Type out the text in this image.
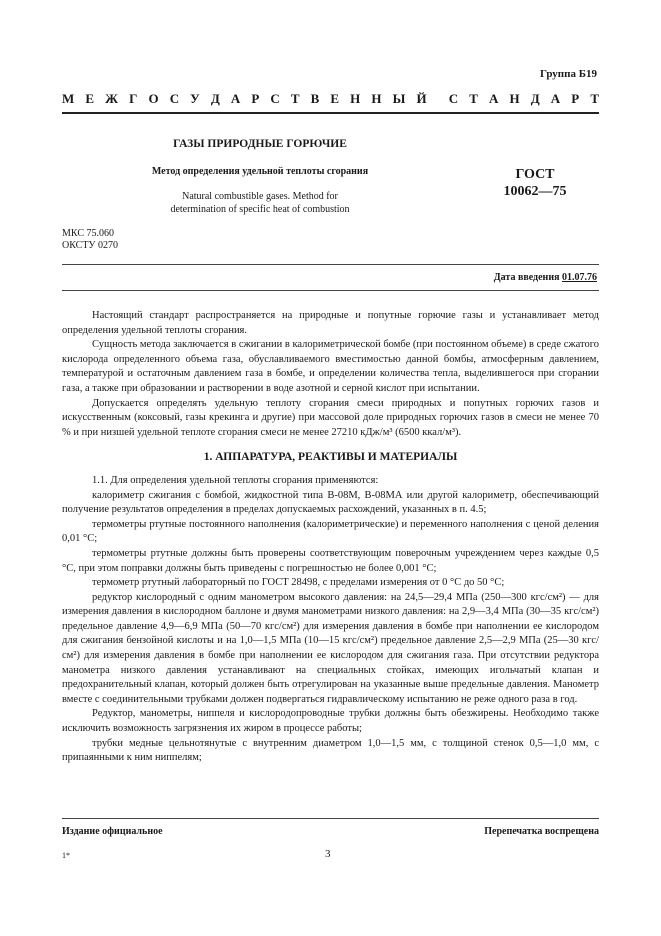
Группа Б19
М Е Ж Г О С У Д А Р С Т В Е Н Н Ы Й С Т А Н Д А Р Т
ГАЗЫ ПРИРОДНЫЕ ГОРЮЧИЕ
Метод определения удельной теплоты сгорания
Natural combustible gases. Method for
determination of specific heat of combustion
ГОСТ
10062—75
МКС 75.060
ОКСТУ 0270
Дата введения 01.07.76

Настоящий стандарт распространяется на природные и попутные горючие газы и устанавливает метод определения удельной теплоты сгорания.

Сущность метода заключается в сжигании в калориметрической бомбе (при постоянном объеме) в среде сжатого кислорода определенного объема газа, обуславливаемого вместимостью данной бомбы, атмосферным давлением, температурой и остаточным давлением газа в бомбе, и определении количества тепла, выделившегося при сгорании газа, а также при образовании и растворении в воде азотной и серной кислот при испытании.

Допускается определять удельную теплоту сгорания смеси природных и попутных горючих газов и искусственным (коксовый, газы крекинга и другие) при массовой доле природных горючих газов в смеси не менее 70 % и при низшей удельной теплоте сгорания смеси не менее 27210 кДж/м³ (6500 ккал/м³).

1. АППАРАТУРА, РЕАКТИВЫ И МАТЕРИАЛЫ

1.1. Для определения удельной теплоты сгорания применяются:

калориметр сжигания с бомбой, жидкостной типа В-08М, В-08МА или другой калориметр, обеспечивающий получение результатов определения в пределах допускаемых расхождений, указанных в п. 4.5;

термометры ртутные постоянного наполнения (калориметрические) и переменного наполнения с ценой деления 0,01 °С;

термометры ртутные должны быть проверены соответствующим поверочным учреждением через каждые 0,5 °С, при этом поправки должны быть приведены с погрешностью не более 0,001 °С;

термометр ртутный лабораторный по ГОСТ 28498, с пределами измерения от 0 °С до 50 °С;

редуктор кислородный с одним манометром высокого давления: на 24,5—29,4 МПа (250—300 кгс/см²) — для измерения давления в кислородном баллоне и двумя манометрами низкого давления: на 2,9—3,4 МПа (30—35 кгс/см²) предельное давление 4,9—6,9 МПа (50—70 кгс/см²) для измерения давления в бомбе при наполнении ее кислородом для сжигания бензойной кислоты и на 1,0—1,5 МПа (10—15 кгс/см²) предельное давление 2,5—2,9 МПа (25—30 кгс/см²) для измерения давления в бомбе при наполнении ее кислородом для сжигания газа. При отсутствии редуктора манометра низкого давления устанавливают на специальных стойках, имеющих игольчатый клапан и предохранительный клапан, который должен быть отрегулирован на указанные выше предельные давления. Манометр вместе с соединительными трубками должен подвергаться гидравлическому испытанию не реже одного раза в год.

Редуктор, манометры, ниппеля и кислородопроводные трубки должны быть обезжирены. Необходимо также исключить возможность загрязнения их жиром в процессе работы;

трубки медные цельнотянутые с внутренним диаметром 1,0—1,5 мм, с толщиной стенок 0,5—1,0 мм, с припаянными к ним ниппелям;

Издание официальное	Перепечатка воспрещена
1*	3
